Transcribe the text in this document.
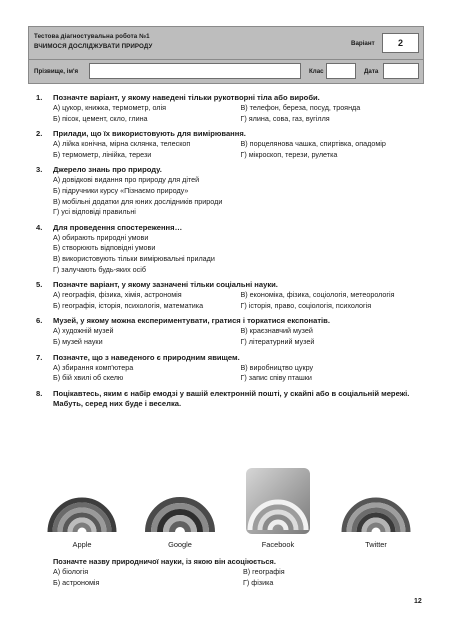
Тестова діагностувальна робота №1
ВЧИМОСЯ ДОСЛІДЖУВАТИ ПРИРОДУ	Варіант	2
Прізвище, ім'я	Клас	Дата
1.	Позначте варіант, у якому наведені тільки рукотворні тіла або вироби.
А) цукор, книжка, термометр, олія	В) телефон, береза, посуд, троянда
Б) пісок, цемент, скло, глина	Г) ялина, сова, газ, вугілля
2.	Прилади, що їх використовують для вимірювання.
А) лійка конічна, мірна склянка, телескоп	В) порцелянова чашка, спиртівка, опадомір
Б) термометр, лінійка, терези	Г) мікроскоп, терези, рулетка
3.	Джерело знань про природу.
А) довідкові видання про природу для дітей
Б) підручники курсу «Пізнаємо природу»
В) мобільні додатки для юних дослідників природи
Г) усі відповіді правильні
4.	Для проведення спостереження…
А) обирають природні умови
Б) створюють відповідні умови
В) використовують тільки вимірювальні прилади
Г) залучають будь-яких осіб
5.	Позначте варіант, у якому зазначені тільки соціальні науки.
А) географія, фізика, хімія, астрономія	В) економіка, фізика, соціологія, метеорологія
Б) географія, історія, психологія, математика	Г) історія, право, соціологія, психологія
6.	Музей, у якому можна експериментувати, гратися і торкатися експонатів.
А) художній музей	В) краєзнавчий музей
Б) музей науки	Г) літературний музей
7.	Позначте, що з наведеного є природним явищем.
А) збирання комп'ютера	В) виробництво цукру
Б) бій хвилі об скелю	Г) запис співу пташки
8.	Поцікавтесь, яким є набір емодзі у вашій електронній пошті, у скайпі або в соціальній мережі. Мабуть, серед них буде і веселка.
Apple	Google	Facebook	Twitter
Позначте назву природничої науки, із якою він асоціюється.
А) біологія	В) географія
Б) астрономія	Г) фізика
12
